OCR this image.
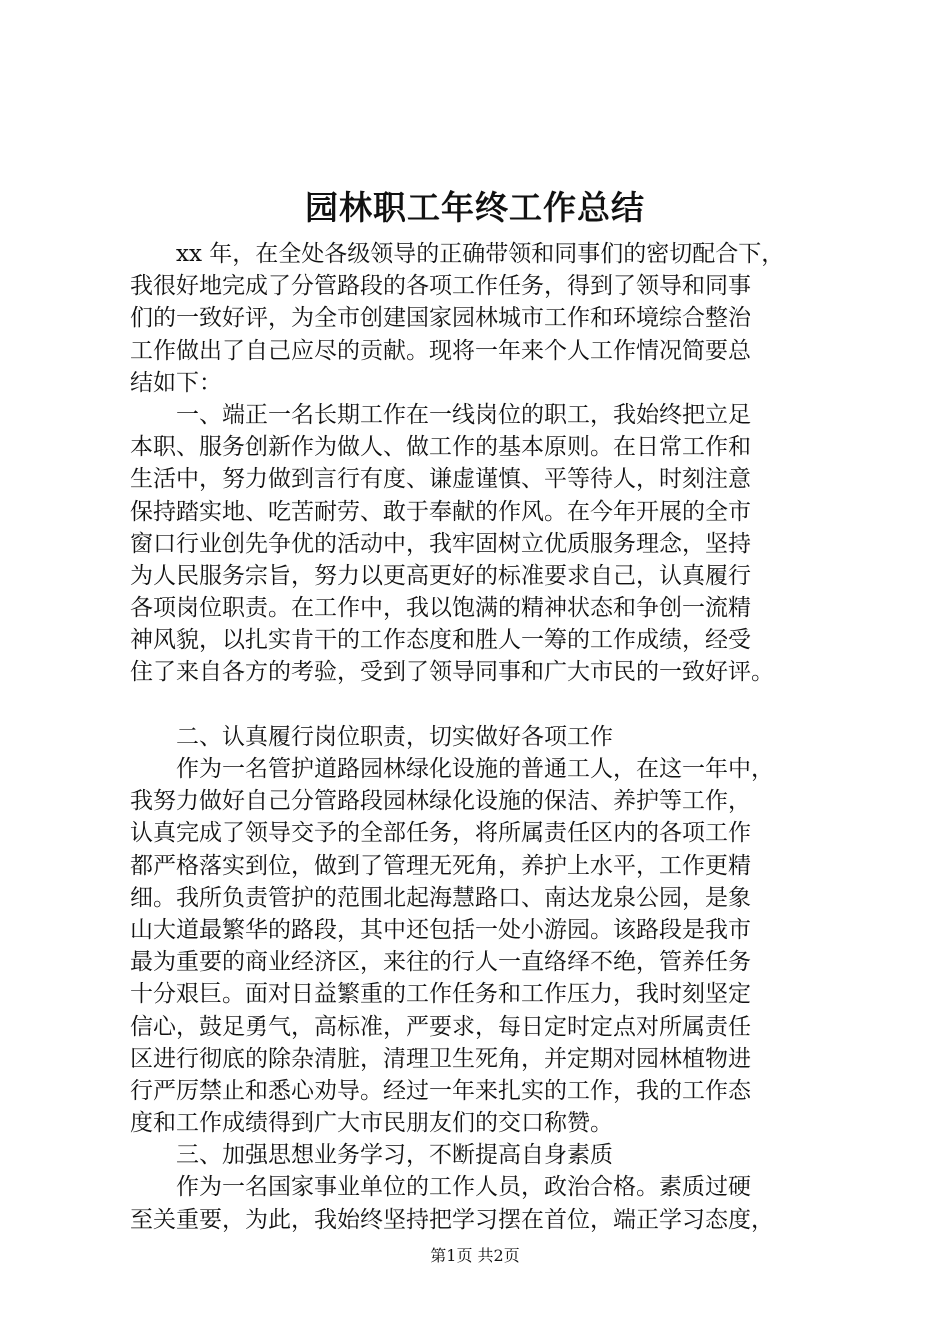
园林职工年终工作总结
　　xx 年，在全处各级领导的正确带领和同事们的密切配合下，
我很好地完成了分管路段的各项工作任务，得到了领导和同事
们的一致好评，为全市创建国家园林城市工作和环境综合整治
工作做出了自己应尽的贡献。现将一年来个人工作情况简要总
结如下：
　　一、端正一名长期工作在一线岗位的职工，我始终把立足
本职、服务创新作为做人、做工作的基本原则。在日常工作和
生活中，努力做到言行有度、谦虚谨慎、平等待人，时刻注意
保持踏实地、吃苦耐劳、敢于奉献的作风。在今年开展的全市
窗口行业创先争优的活动中，我牢固树立优质服务理念，坚持
为人民服务宗旨，努力以更高更好的标准要求自己，认真履行
各项岗位职责。在工作中，我以饱满的精神状态和争创一流精
神风貌，以扎实肯干的工作态度和胜人一筹的工作成绩，经受
住了来自各方的考验，受到了领导同事和广大市民的一致好评。
　　二、认真履行岗位职责，切实做好各项工作
　　作为一名管护道路园林绿化设施的普通工人，在这一年中，
我努力做好自己分管路段园林绿化设施的保洁、养护等工作，
认真完成了领导交予的全部任务，将所属责任区内的各项工作
都严格落实到位，做到了管理无死角，养护上水平，工作更精
细。我所负责管护的范围北起海慧路口、南达龙泉公园，是象
山大道最繁华的路段，其中还包括一处小游园。该路段是我市
最为重要的商业经济区，来往的行人一直络绎不绝，管养任务
十分艰巨。面对日益繁重的工作任务和工作压力，我时刻坚定
信心，鼓足勇气，高标准，严要求，每日定时定点对所属责任
区进行彻底的除杂清脏，清理卫生死角，并定期对园林植物进
行严厉禁止和悉心劝导。经过一年来扎实的工作，我的工作态
度和工作成绩得到广大市民朋友们的交口称赞。
　　三、加强思想业务学习，不断提高自身素质
　　作为一名国家事业单位的工作人员，政治合格。素质过硬
至关重要，为此，我始终坚持把学习摆在首位，端正学习态度，
第1页 共2页
